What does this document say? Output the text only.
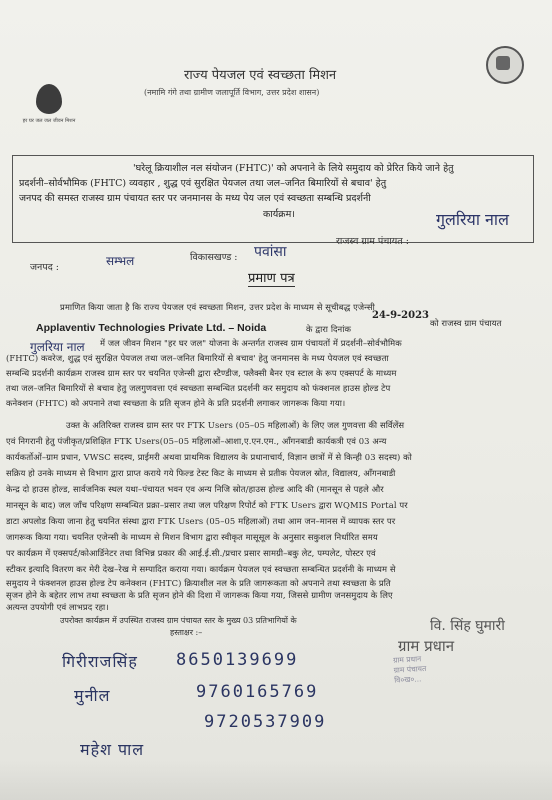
हर घर जल जल जीवन मिशन
राज्य पेयजल एवं स्वच्छता मिशन
(नमामि गंगे तथा ग्रामीण जलापूर्ति विभाग, उत्तर प्रदेश शासन)
'घरेलू क्रियाशील नल संयोजन (FHTC)' को अपनाने के लिये समुदाय को प्रेरित किये जाने हेतु
प्रदर्शनी–सोर्वभौमिक (FHTC) व्यवहार , शुद्ध एवं सुरक्षित पेयजल तथा जल–जनित बिमारियों से बचाव' हेतु
जनपद की समस्त राजस्व ग्राम पंचायत स्तर पर जनमानस के मध्य पेय जल एवं स्वच्छता सम्बन्धि प्रदर्शनी
कार्यक्रम।
जनपद :	सम्भल	विकासखण्ड : पवांसा
राजस्व ग्राम पंचायत :
गुलरिया नाल
प्रमाण पत्र
प्रमाणित किया जाता है कि राज्य पेयजल एवं स्वच्छता मिशन, उत्तर प्रदेश के माध्यम से सूचीबद्ध एजेन्सी
Applaventiv Technologies Private Ltd. – Noida	के द्वारा दिनांक
24-9-2023
को राजस्व ग्राम पंचायत
गुलरिया नाल में जल जीवन मिशन "हर घर जल" योजना के अन्तर्गत राजस्व ग्राम पंचायतों में प्रदर्शनी–सोर्वभौमिक
(FHTC) कवरेज, शुद्ध एवं सुरक्षित पेयजल तथा जल–जनित बिमारियों से बचाव' हेतु जनमानस के मध्य पेयजल एवं स्वच्छता
सम्बन्धि प्रदर्शनी कार्यक्रम राजस्व ग्राम स्तर पर चयनित एजेन्सी द्वारा स्टैण्डीज, फ्लैक्सी बैनर एव स्टाल के रूप एक्सपर्ट के माध्यम
तथा जल–जनित बिमारियों से बचाव हेतु जलगुणवत्ता एवं स्वच्छता सम्बन्धित प्रदर्शनी कर समुदाय को फंक्शनल हाउस होल्ड टेप
कनेक्शन (FHTC) को अपनाने तथा स्वच्छता के प्रति सृजन होने के प्रति प्रदर्शनी लगाकर जागरूक किया गया।
उक्त के अतिरिक्त राजस्व ग्राम स्तर पर FTK Users (05–05 महिलाओं) के लिए जल गुणवत्ता की सर्विलेंस
एवं निगरानी हेतु पंजीकृत/प्रशिक्षित FTK Users(05–05 महिलाओं–आशा,ए.एन.एम., आँगनबाडी कार्यकत्री एवं 03 अन्य
कार्यकर्तोओं–ग्राम प्रधान, VWSC सदस्य, प्राईमरी अथवा प्राथमिक विद्यालय के प्रधानाचार्य, विज्ञान छात्रों में से किन्ही 03 सदस्य) को
सक्रिय हो उनके माध्यम से विभाग द्वारा प्राप्त कराये गये फिल्ड टेस्ट किट के माध्यम से प्रतीक पेयजल स्रोत, विद्यालय, आँगनबाडी
केन्द्र दो हाउस होल्ड, सार्वजनिक स्थल यथा–पंचायत भवन एव अन्य निजि स्रोत/हाउस होल्ड आदि की (मानसून से पहले और
मानसून के बाद) जल जाँच परिक्षण सम्बन्धित प्रक्रा–प्रसार तथा जल परिक्षण रिपोर्ट को FTK Users द्वारा WQMIS Portal पर
डाटा अपलोड किया जाना हेतु चयनित संस्था द्वारा FTK Users (05–05 महिलाओं) तथा आम जन–मानस में व्यापक स्तर पर
जागरूक किया गया। चयनित एजेन्सी के माध्यम से मिशन विभाग द्वारा स्वीकृत मासूसूल के अनुसार सकुशल निर्धारित समय
पर कार्यक्रम में एक्सपर्ट/कोआर्डिनेटर तथा विभिन्न प्रकार की आई.ई.सी./प्रचार प्रसार सामग्री–बकु लेट, पम्पलेट, पोस्टर एवं
स्टीकर इत्यादि वितरण कर मेरी देख–रेख मे सम्पादित कराया गया। कार्यक्रम पेयजल एवं स्वच्छता सम्बन्धित प्रदर्शनी के माध्यम से
समुदाय ने फंक्शनल हाउस होल्ड टेप कनेक्शन (FHTC) क्रियाशील नल के प्रति जागरूकता को अपनाने तथा स्वच्छता के प्रति
सृजन होने के बहेतर लाभ तथा स्वच्छता के प्रति सृजन होने की दिशा में जागरूक किया गया, जिससे ग्रामीण जनसमुदाय के लिए
अत्यन्त उपयोगी एवं लाभप्रद रहा।
उपरोक्त कार्यक्रम में उपस्थित राजस्व ग्राम पंचायत स्तर के मुख्य 03 प्रतिभागियों के
हस्ताक्षर :–
गिरीराजसिंह 8650139699
मुनील	9760165769
महेश पाल
9720537909
वि. सिंह घुमारी
ग्राम प्रधान
ग्राम प्रधान
ग्राम पंचायत
वि०ख०...
